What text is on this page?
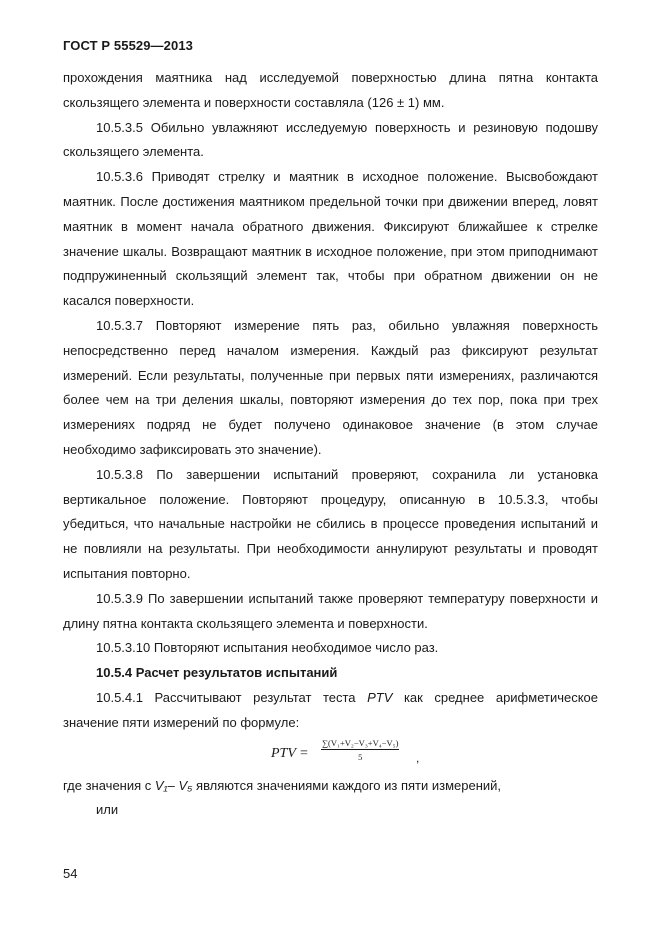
ГОСТ Р 55529—2013

прохождения маятника над исследуемой поверхностью длина пятна контакта скользящего элемента и поверхности составляла (126 ± 1) мм.

10.5.3.5 Обильно увлажняют исследуемую поверхность и резиновую подошву скользящего элемента.

10.5.3.6 Приводят стрелку и маятник в исходное положение. Высвобождают маятник. После достижения маятником предельной точки при движении вперед, ловят маятник в момент начала обратного движения. Фиксируют ближайшее к стрелке значение шкалы. Возвращают маятник в исходное положение, при этом приподнимают подпружиненный скользящий элемент так, чтобы при обратном движении он не касался поверхности.

10.5.3.7 Повторяют измерение пять раз, обильно увлажняя поверхность непосредственно перед началом измерения. Каждый раз фиксируют результат измерений. Если результаты, полученные при первых пяти измерениях, различаются более чем на три деления шкалы, повторяют измерения до тех пор, пока при трех измерениях подряд не будет получено одинаковое значение (в этом случае необходимо зафиксировать это значение).

10.5.3.8 По завершении испытаний проверяют, сохранила ли установка вертикальное положение. Повторяют процедуру, описанную в 10.5.3.3, чтобы убедиться, что начальные настройки не сбились в процессе проведения испытаний и не повлияли на результаты. При необходимости аннулируют результаты и проводят испытания повторно.

10.5.3.9 По завершении испытаний также проверяют температуру поверхности и длину пятна контакта скользящего элемента и поверхности.

10.5.3.10 Повторяют испытания необходимое число раз.

10.5.4 Расчет результатов испытаний

10.5.4.1 Рассчитывают результат теста PTV как среднее арифметическое значение пяти измерений по формуле:

PTV = $\frac{\text{∑(V₁+V₂−V₃+V₄−V₅)}}{5}$ ,

где значения с V₁– V₅ являются значениями каждого из пяти измерений,

или

54
